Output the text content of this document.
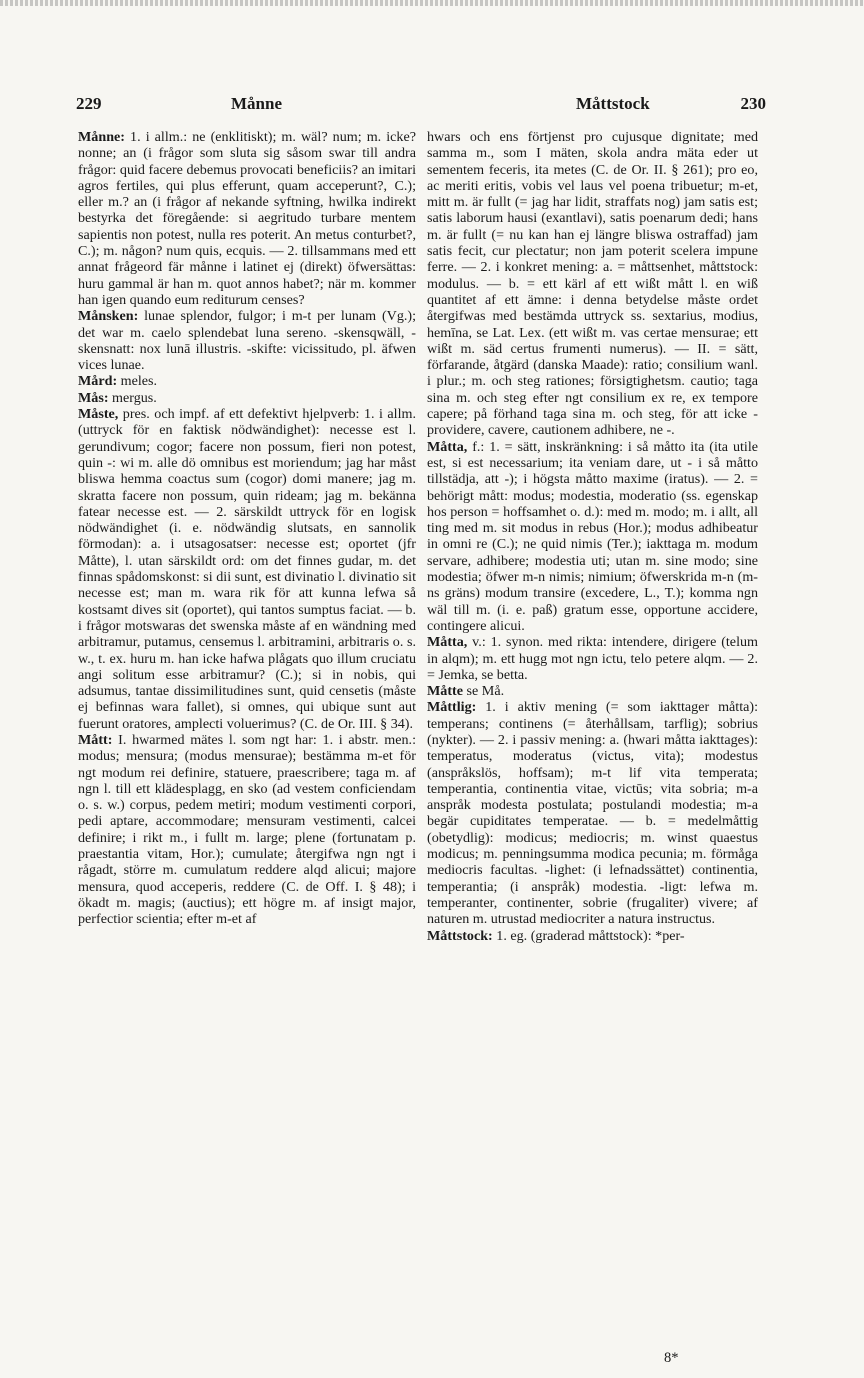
229	Månne	Måttstock	230

Månne: 1. i allm.: ne (enklitiskt); m. wäl? num; m. icke? nonne; an (i frågor som sluta sig såsom swar till andra frågor: quid facere debemus provocati beneficiis? an imitari agros fertiles, qui plus efferunt, quam acceperunt?, C.); eller m.? an (i frågor af nekande syftning, hwilka indirekt bestyrka det föregående: si aegritudo turbare mentem sapientis non potest, nulla res poterit. An metus conturbet?, C.); m. någon? num quis, ecquis. — 2. tillsammans med ett annat frågeord fär månne i latinet ej (direkt) öfwersättas: huru gammal är han m. quot annos habet?; när m. kommer han igen quando eum rediturum censes?

Månsken: lunae splendor, fulgor; i m-t per lunam (Vg.); det war m. caelo splendebat luna sereno. -skensqwäll, -skensnatt: nox lunā illustris. -skifte: vicissitudo, pl. äfwen vices lunae.

Mård: meles.

Mås: mergus.

Måste, pres. och impf. af ett defektivt hjelpverb: 1. i allm. (uttryck för en faktisk nödwändighet): necesse est l. gerundivum; cogor; facere non possum, fieri non potest, quin -: wi m. alle dö omnibus est moriendum; jag har måst bliswa hemma coactus sum (cogor) domi manere; jag m. skratta facere non possum, quin rideam; jag m. bekänna fatear necesse est. — 2. särskildt uttryck för en logisk nödwändighet (i. e. nödwändig slutsats, en sannolik förmodan): a. i utsagosatser: necesse est; oportet (jfr Måtte), l. utan särskildt ord: om det finnes gudar, m. det finnas spådomskonst: si dii sunt, est divinatio l. divinatio sit necesse est; man m. wara rik för att kunna lefwa så kostsamt dives sit (oportet), qui tantos sumptus faciat. — b. i frågor motswaras det swenska måste af en wändning med arbitramur, putamus, censemus l. arbitramini, arbitraris o. s. w., t. ex. huru m. han icke hafwa plågats quo illum cruciatu angi solitum esse arbitramur? (C.); si in nobis, qui adsumus, tantae dissimilitudines sunt, quid censetis (måste ej befinnas wara fallet), si omnes, qui ubique sunt aut fuerunt oratores, amplecti voluerimus? (C. de Or. III. § 34).

Mått: I. hwarmed mätes l. som ngt har: 1. i abstr. men.: modus; mensura; (modus mensurae); bestämma m-et för ngt modum rei definire, statuere, praescribere; taga m. af ngn l. till ett klädesplagg, en sko (ad vestem conficiendam o. s. w.) corpus, pedem metiri; modum vestimenti corpori, pedi aptare, accommodare; mensuram vestimenti, calcei definire; i rikt m., i fullt m. large; plene (fortunatam p. praestantia vitam, Hor.); cumulate; återgifwa ngn ngt i rågadt, större m. cumulatum reddere alqd alicui; majore mensura, quod acceperis, reddere (C. de Off. I. § 48); i ökadt m. magis; (auctius); ett högre m. af insigt major, perfectior scientia; efter m-et af

hwars och ens förtjenst pro cujusque dignitate; med samma m., som I mäten, skola andra mäta eder ut sementem feceris, ita metes (C. de Or. II. § 261); pro eo, ac meriti eritis, vobis vel laus vel poena tribuetur; m-et, mitt m. är fullt (= jag har lidit, straffats nog) jam satis est; satis laborum hausi (exantlavi), satis poenarum dedi; hans m. är fullt (= nu kan han ej längre bliswa ostraffad) jam satis fecit, cur plectatur; non jam poterit scelera impune ferre. — 2. i konkret mening: a. = måttsenhet, måttstock: modulus. — b. = ett kärl af ett wißt mått l. en wiß quantitet af ett ämne: i denna betydelse måste ordet återgifwas med bestämda uttryck ss. sextarius, modius, hemīna, se Lat. Lex. (ett wißt m. vas certae mensurae; ett wißt m. säd certus frumenti numerus). — II. = sätt, förfarande, åtgärd (danska Maade): ratio; consilium wanl. i plur.; m. och steg rationes; försigtighetsm. cautio; taga sina m. och steg efter ngt consilium ex re, ex tempore capere; på förhand taga sina m. och steg, för att icke - providere, cavere, cautionem adhibere, ne -.

Måtta, f.: 1. = sätt, inskränkning: i så måtto ita (ita utile est, si est necessarium; ita veniam dare, ut - i så måtto tillstädja, att -); i högsta måtto maxime (iratus). — 2. = behörigt mått: modus; modestia, moderatio (ss. egenskap hos person = hoffsamhet o. d.): med m. modo; m. i allt, all ting med m. sit modus in rebus (Hor.); modus adhibeatur in omni re (C.); ne quid nimis (Ter.); iakttaga m. modum servare, adhibere; modestia uti; utan m. sine modo; sine modestia; öfwer m-n nimis; nimium; öfwerskrida m-n (m-ns gräns) modum transire (excedere, L., T.); komma ngn wäl till m. (i. e. paß) gratum esse, opportune accidere, contingere alicui.

Måtta, v.: 1. synon. med rikta: intendere, dirigere (telum in alqm); m. ett hugg mot ngn ictu, telo petere alqm. — 2. = Jemka, se betta.

Måtte se Må.

Måttlig: 1. i aktiv mening (= som iakttager måtta): temperans; continens (= återhållsam, tarflig); sobrius (nykter). — 2. i passiv mening: a. (hwari måtta iakttages): temperatus, moderatus (victus, vita); modestus (anspråkslös, hoffsam); m-t lif vita temperata; temperantia, continentia vitae, victūs; vita sobria; m-a anspråk modesta postulata; postulandi modestia; m-a begär cupiditates temperatae. — b. = medelmåttig (obetydlig): modicus; mediocris; m. winst quaestus modicus; m. penningsumma modica pecunia; m. förmåga mediocris facultas. -lighet: (i lefnadssättet) continentia, temperantia; (i anspråk) modestia. -ligt: lefwa m. temperanter, continenter, sobrie (frugaliter) vivere; af naturen m. utrustad mediocriter a natura instructus.

Måttstock: 1. eg. (graderad måttstock): *per-

8*
